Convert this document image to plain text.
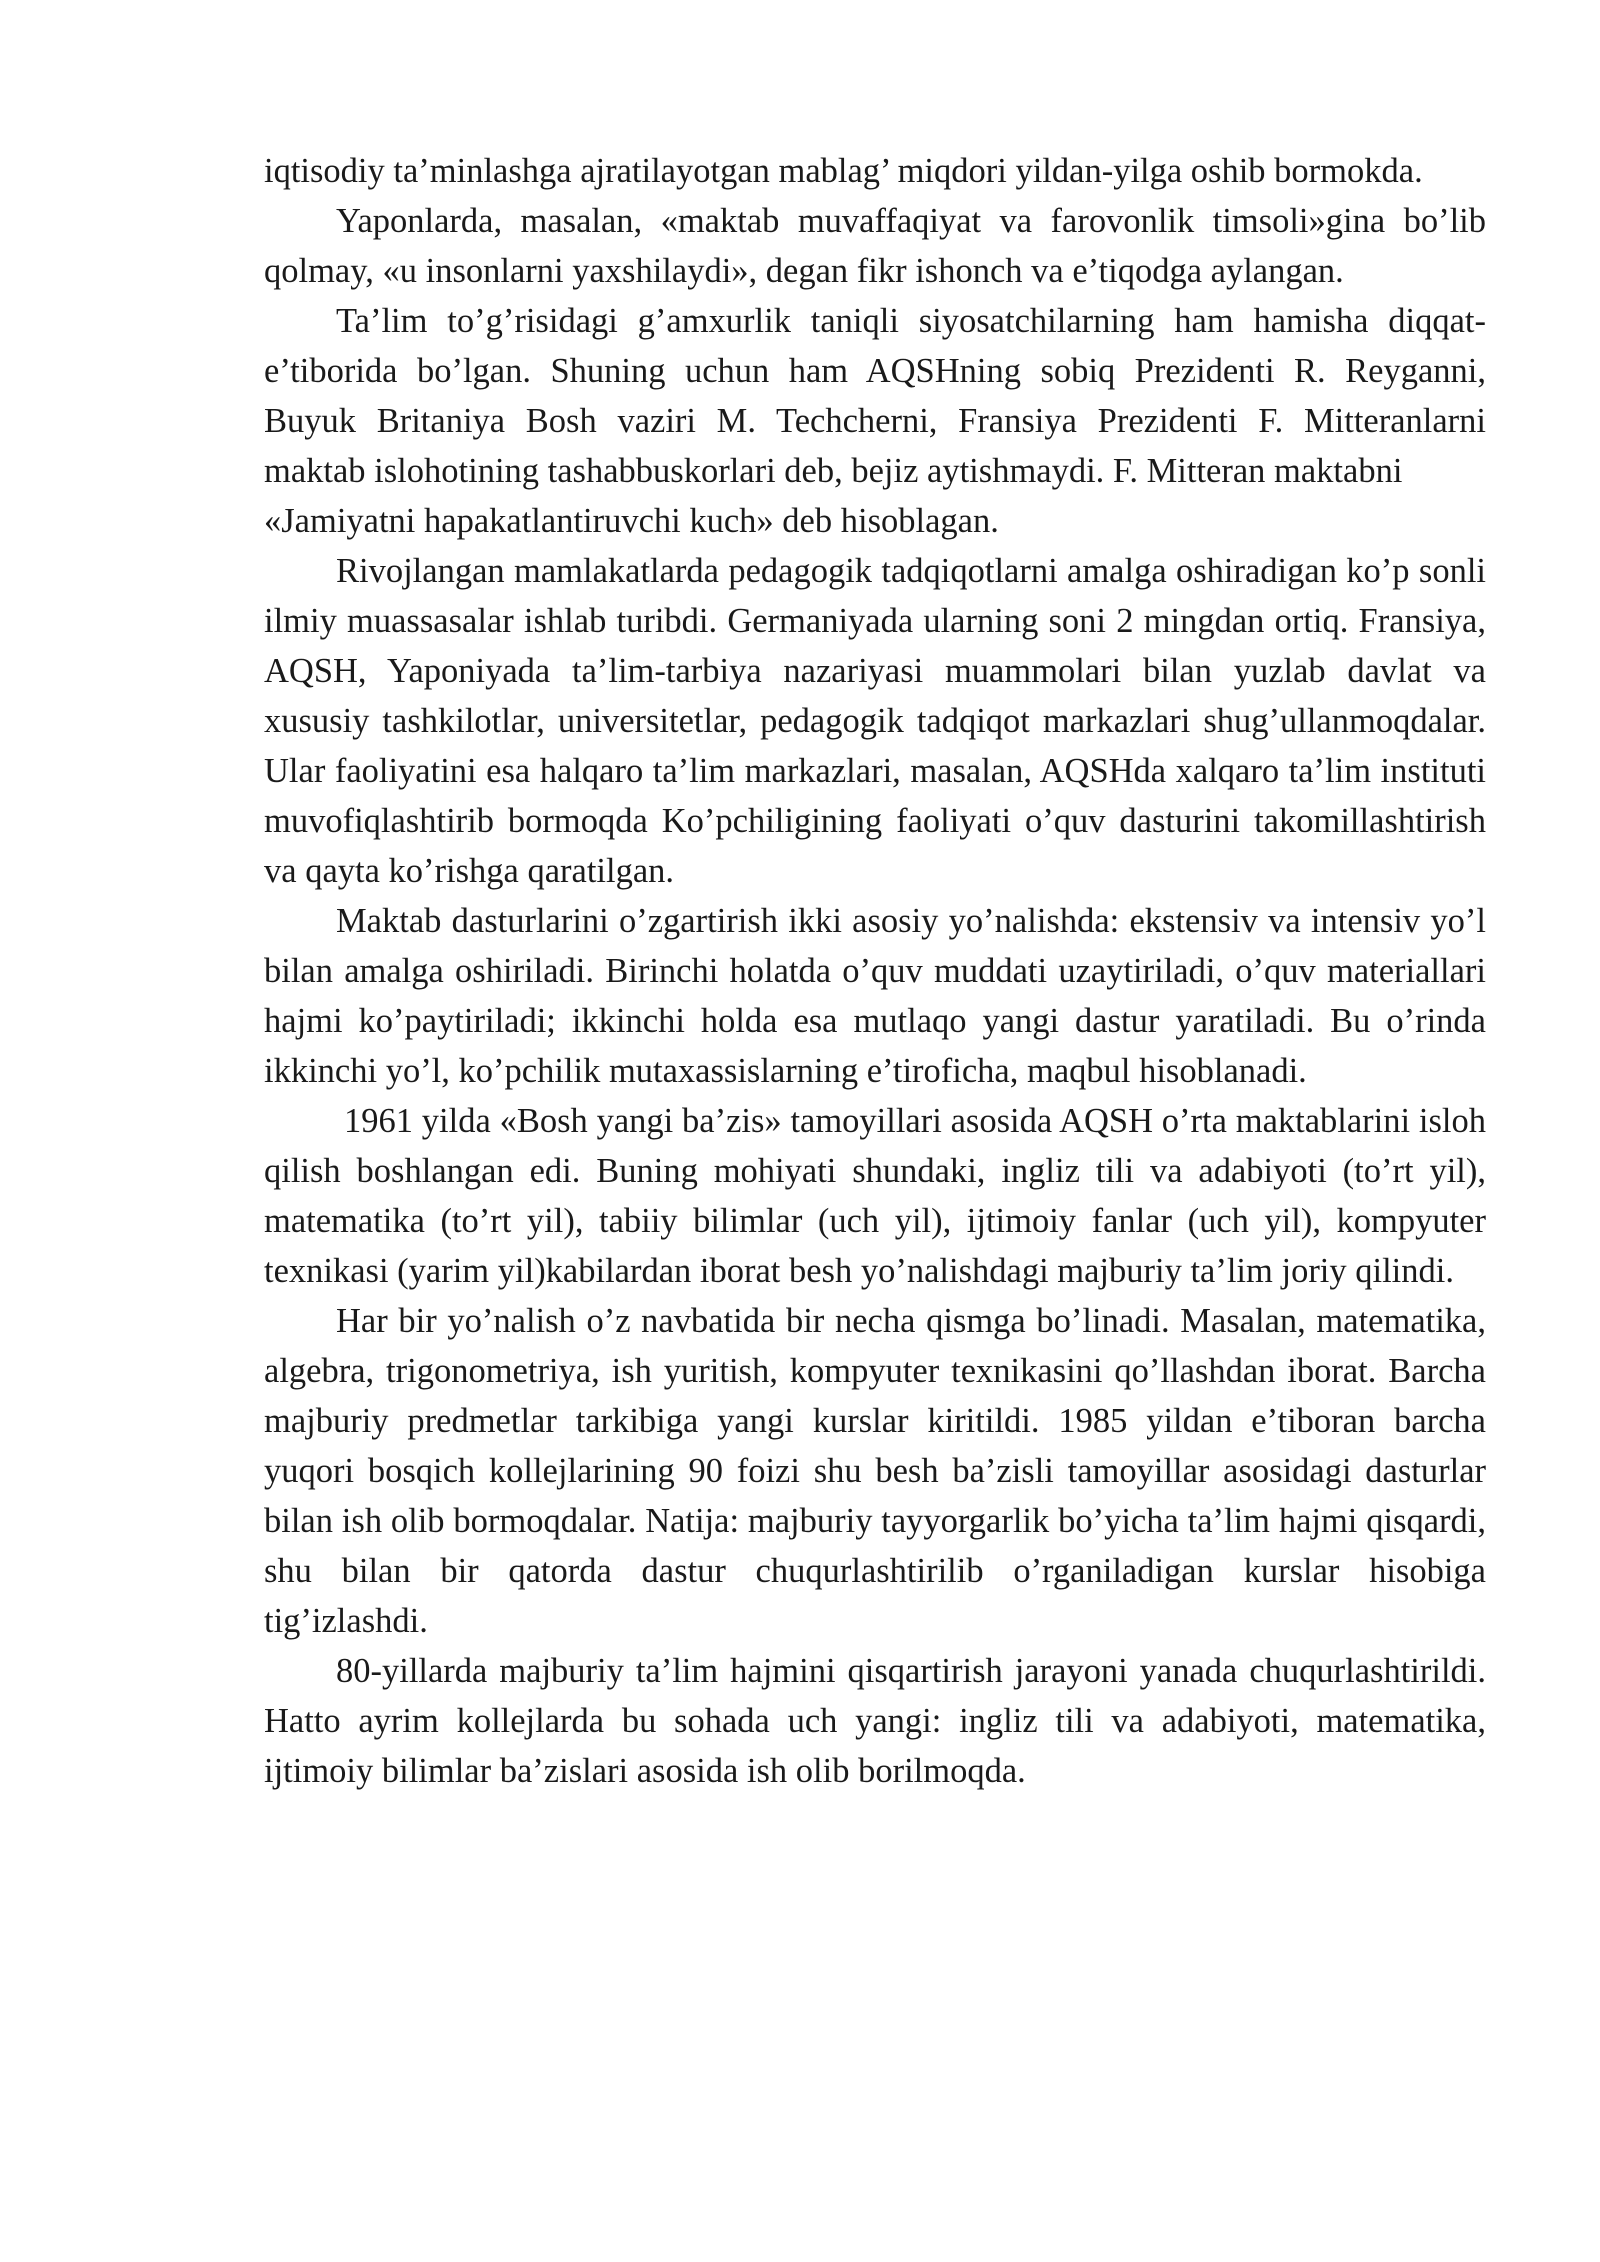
iqtisodiy ta’minlashga ajratilayotgan mablag’ miqdori yildan-yilga oshib bormokda.

Yaponlarda, masalan, «maktab muvaffaqiyat va farovonlik timsoli»gina bo’lib qolmay, «u insonlarni yaxshilaydi», degan fikr ishonch va e’tiqodga aylangan.

Ta’lim to’g’risidagi g’amxurlik taniqli siyosatchilarning ham hamisha diqqat- e’tiborida bo’lgan. Shuning uchun ham AQSHning sobiq Prezidenti R. Reyganni, Buyuk Britaniya Bosh vaziri M. Techcherni, Fransiya Prezidenti F. Mitteranlarni maktab islohotining tashabbuskorlari deb, bejiz aytishmaydi. F. Mitteran maktabni

«Jamiyatni hapakatlantiruvchi kuch» deb hisoblagan.

Rivojlangan mamlakatlarda pedagogik tadqiqotlarni amalga oshiradigan ko’p sonli ilmiy muassasalar ishlab turibdi. Germaniyada ularning soni 2 mingdan ortiq. Fransiya, AQSH, Yaponiyada ta’lim-tarbiya nazariyasi muammolari bilan yuzlab davlat va xususiy tashkilotlar, universitetlar, pedagogik tadqiqot markazlari shug’ullanmoqdalar. Ular faoliyatini esa halqaro ta’lim markazlari, masalan, AQSHda xalqaro ta’lim instituti muvofiqlashtirib bormoqda Ko’pchiligining faoliyati o’quv dasturini takomillashtirish va qayta ko’rishga qaratilgan.

Maktab dasturlarini o’zgartirish ikki asosiy yo’nalishda: ekstensiv va intensiv yo’l bilan amalga oshiriladi. Birinchi holatda o’quv muddati uzaytiriladi, o’quv materiallari hajmi ko’paytiriladi; ikkinchi holda esa mutlaqo yangi dastur yaratiladi. Bu o’rinda ikkinchi yo’l, ko’pchilik mutaxassislarning e’tiroficha, maqbul hisoblanadi.

1961 yilda «Bosh yangi ba’zis» tamoyillari asosida AQSH o’rta maktablarini isloh qilish boshlangan edi. Buning mohiyati shundaki, ingliz tili va adabiyoti (to’rt yil), matematika (to’rt yil), tabiiy bilimlar (uch yil), ijtimoiy fanlar (uch yil), kompyuter texnikasi (yarim yil)kabilardan iborat besh yo’nalishdagi majburiy ta’lim joriy qilindi.

Har bir yo’nalish o’z navbatida bir necha qismga bo’linadi. Masalan, matematika, algebra, trigonometriya, ish yuritish, kompyuter texnikasini qo’llashdan iborat. Barcha majburiy predmetlar tarkibiga yangi kurslar kiritildi. 1985 yildan e’tiboran barcha yuqori bosqich kollejlarining 90 foizi shu besh ba’zisli tamoyillar asosidagi dasturlar bilan ish olib bormoqdalar. Natija: majburiy tayyorgarlik bo’yicha ta’lim hajmi qisqardi, shu bilan bir qatorda dastur chuqurlashtirilib o’rganiladigan kurslar hisobiga tig’izlashdi.

80-yillarda majburiy ta’lim hajmini qisqartirish jarayoni yanada chuqurlashtirildi. Hatto ayrim kollejlarda bu sohada uch yangi: ingliz tili va adabiyoti, matematika, ijtimoiy bilimlar ba’zislari asosida ish olib borilmoqda.
